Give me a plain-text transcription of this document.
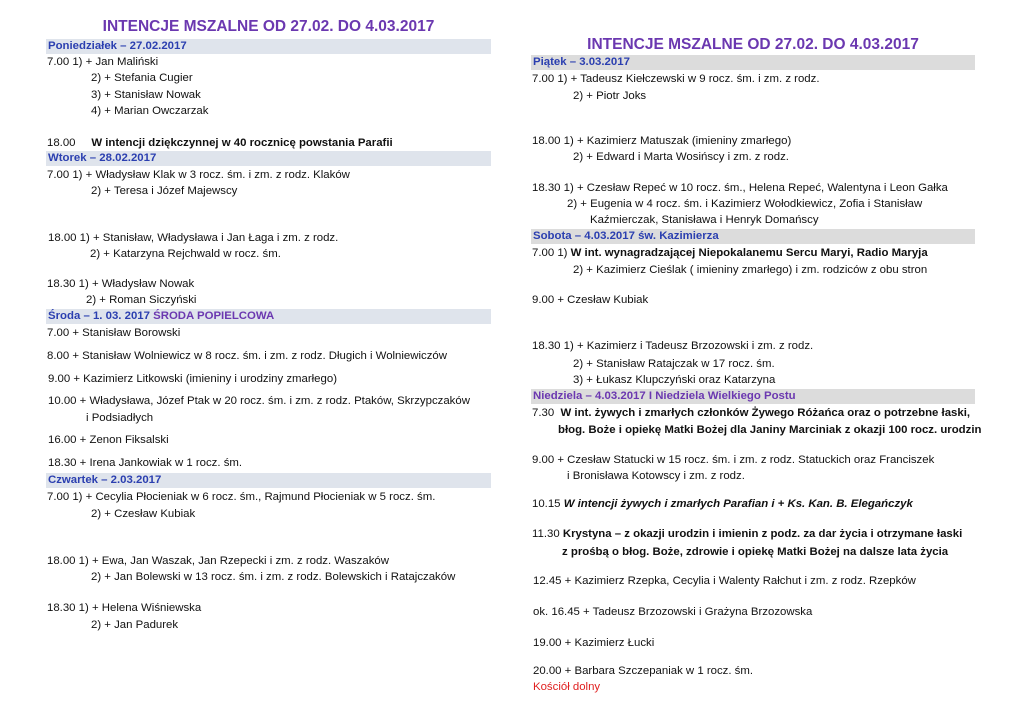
INTENCJE MSZALNE OD 27.02. DO 4.03.2017
Poniedziałek – 27.02.2017
7.00 1) + Jan Maliński
2) + Stefania Cugier
3) + Stanisław Nowak
4) + Marian Owczarzak
18.00 W intencji dziękczynnej w 40 rocznicę powstania Parafii
Wtorek – 28.02.2017
7.00 1) + Władysław Klak w 3 rocz. śm. i zm. z rodz. Klaków
2) + Teresa i Józef Majewscy
18.00 1) + Stanisław, Władysława i Jan Łaga i zm. z rodz.
2) + Katarzyna Rejchwald w rocz. śm.
18.30 1) + Władysław Nowak
2) + Roman Siczyński
Środa – 1. 03. 2017 ŚRODA POPIELCOWA
7.00 + Stanisław Borowski
8.00 + Stanisław Wolniewicz w 8 rocz. śm. i zm. z rodz. Długich i Wolniewiczów
9.00 + Kazimierz Litkowski (imieniny i urodziny zmarłego)
10.00 + Władysława, Józef Ptak w 20 rocz. śm. i zm. z rodz. Ptaków, Skrzypczaków
i Podsiadłych
16.00 + Zenon Fiksalski
18.30 + Irena Jankowiak w 1 rocz. śm.
Czwartek – 2.03.2017
7.00 1) + Cecylia Płocieniak w 6 rocz. śm., Rajmund Płocieniak w 5 rocz. śm.
2) + Czesław Kubiak
18.00 1) + Ewa, Jan Waszak, Jan Rzepecki i zm. z rodz. Waszaków
2) + Jan Bolewski w 13 rocz. śm. i zm. z rodz. Bolewskich i Ratajczaków
18.30 1) + Helena Wiśniewska
2) + Jan Padurek
INTENCJE MSZALNE OD 27.02. DO 4.03.2017
Piątek – 3.03.2017
7.00 1) + Tadeusz Kiełczewski w 9 rocz. śm. i zm. z rodz.
2) + Piotr Joks
18.00 1) + Kazimierz Matuszak (imieniny zmarłego)
2) + Edward i Marta Wosińscy i zm. z rodz.
18.30 1) + Czesław Repeć w 10 rocz. śm., Helena Repeć, Walentyna i Leon Gałka
2) + Eugenia w 4 rocz. śm. i Kazimierz Wołodkiewicz, Zofia i Stanisław
Kaźmierczak, Stanisława i Henryk Domańscy
Sobota – 4.03.2017 św. Kazimierza
7.00 1) W int. wynagradzającej Niepokalanemu Sercu Maryi, Radio Maryja
2) + Kazimierz Cieślak ( imieniny zmarłego) i zm. rodziców z obu stron
9.00 + Czesław Kubiak
18.30 1) + Kazimierz i Tadeusz Brzozowski i zm. z rodz.
2) + Stanisław Ratajczak w 17 rocz. śm.
3) + Łukasz Klupczyński oraz Katarzyna
Niedziela – 4.03.2017 I Niedziela Wielkiego Postu
7.30 W int. żywych i zmarłych członków Żywego Różańca oraz o potrzebne łaski,
błog. Boże i opiekę Matki Bożej dla Janiny Marciniak z okazji 100 rocz. urodzin
9.00 + Czesław Statucki w 15 rocz. śm. i zm. z rodz. Statuckich oraz Franciszek
i Bronisława Kotowscy i zm. z rodz.
10.15 W intencji żywych i zmarłych Parafian i + Ks. Kan. B. Elegańczyk
11.30 Krystyna – z okazji urodzin i imienin z podz. za dar życia i otrzymane łaski
z prośbą o błog. Boże, zdrowie i opiekę Matki Bożej na dalsze lata życia
12.45 + Kazimierz Rzepka, Cecylia i Walenty Rałchut i zm. z rodz. Rzepków
ok. 16.45 + Tadeusz Brzozowski i Grażyna Brzozowska
19.00 + Kazimierz Łucki
20.00 + Barbara Szczepaniak w 1 rocz. śm.
Kościół dolny
